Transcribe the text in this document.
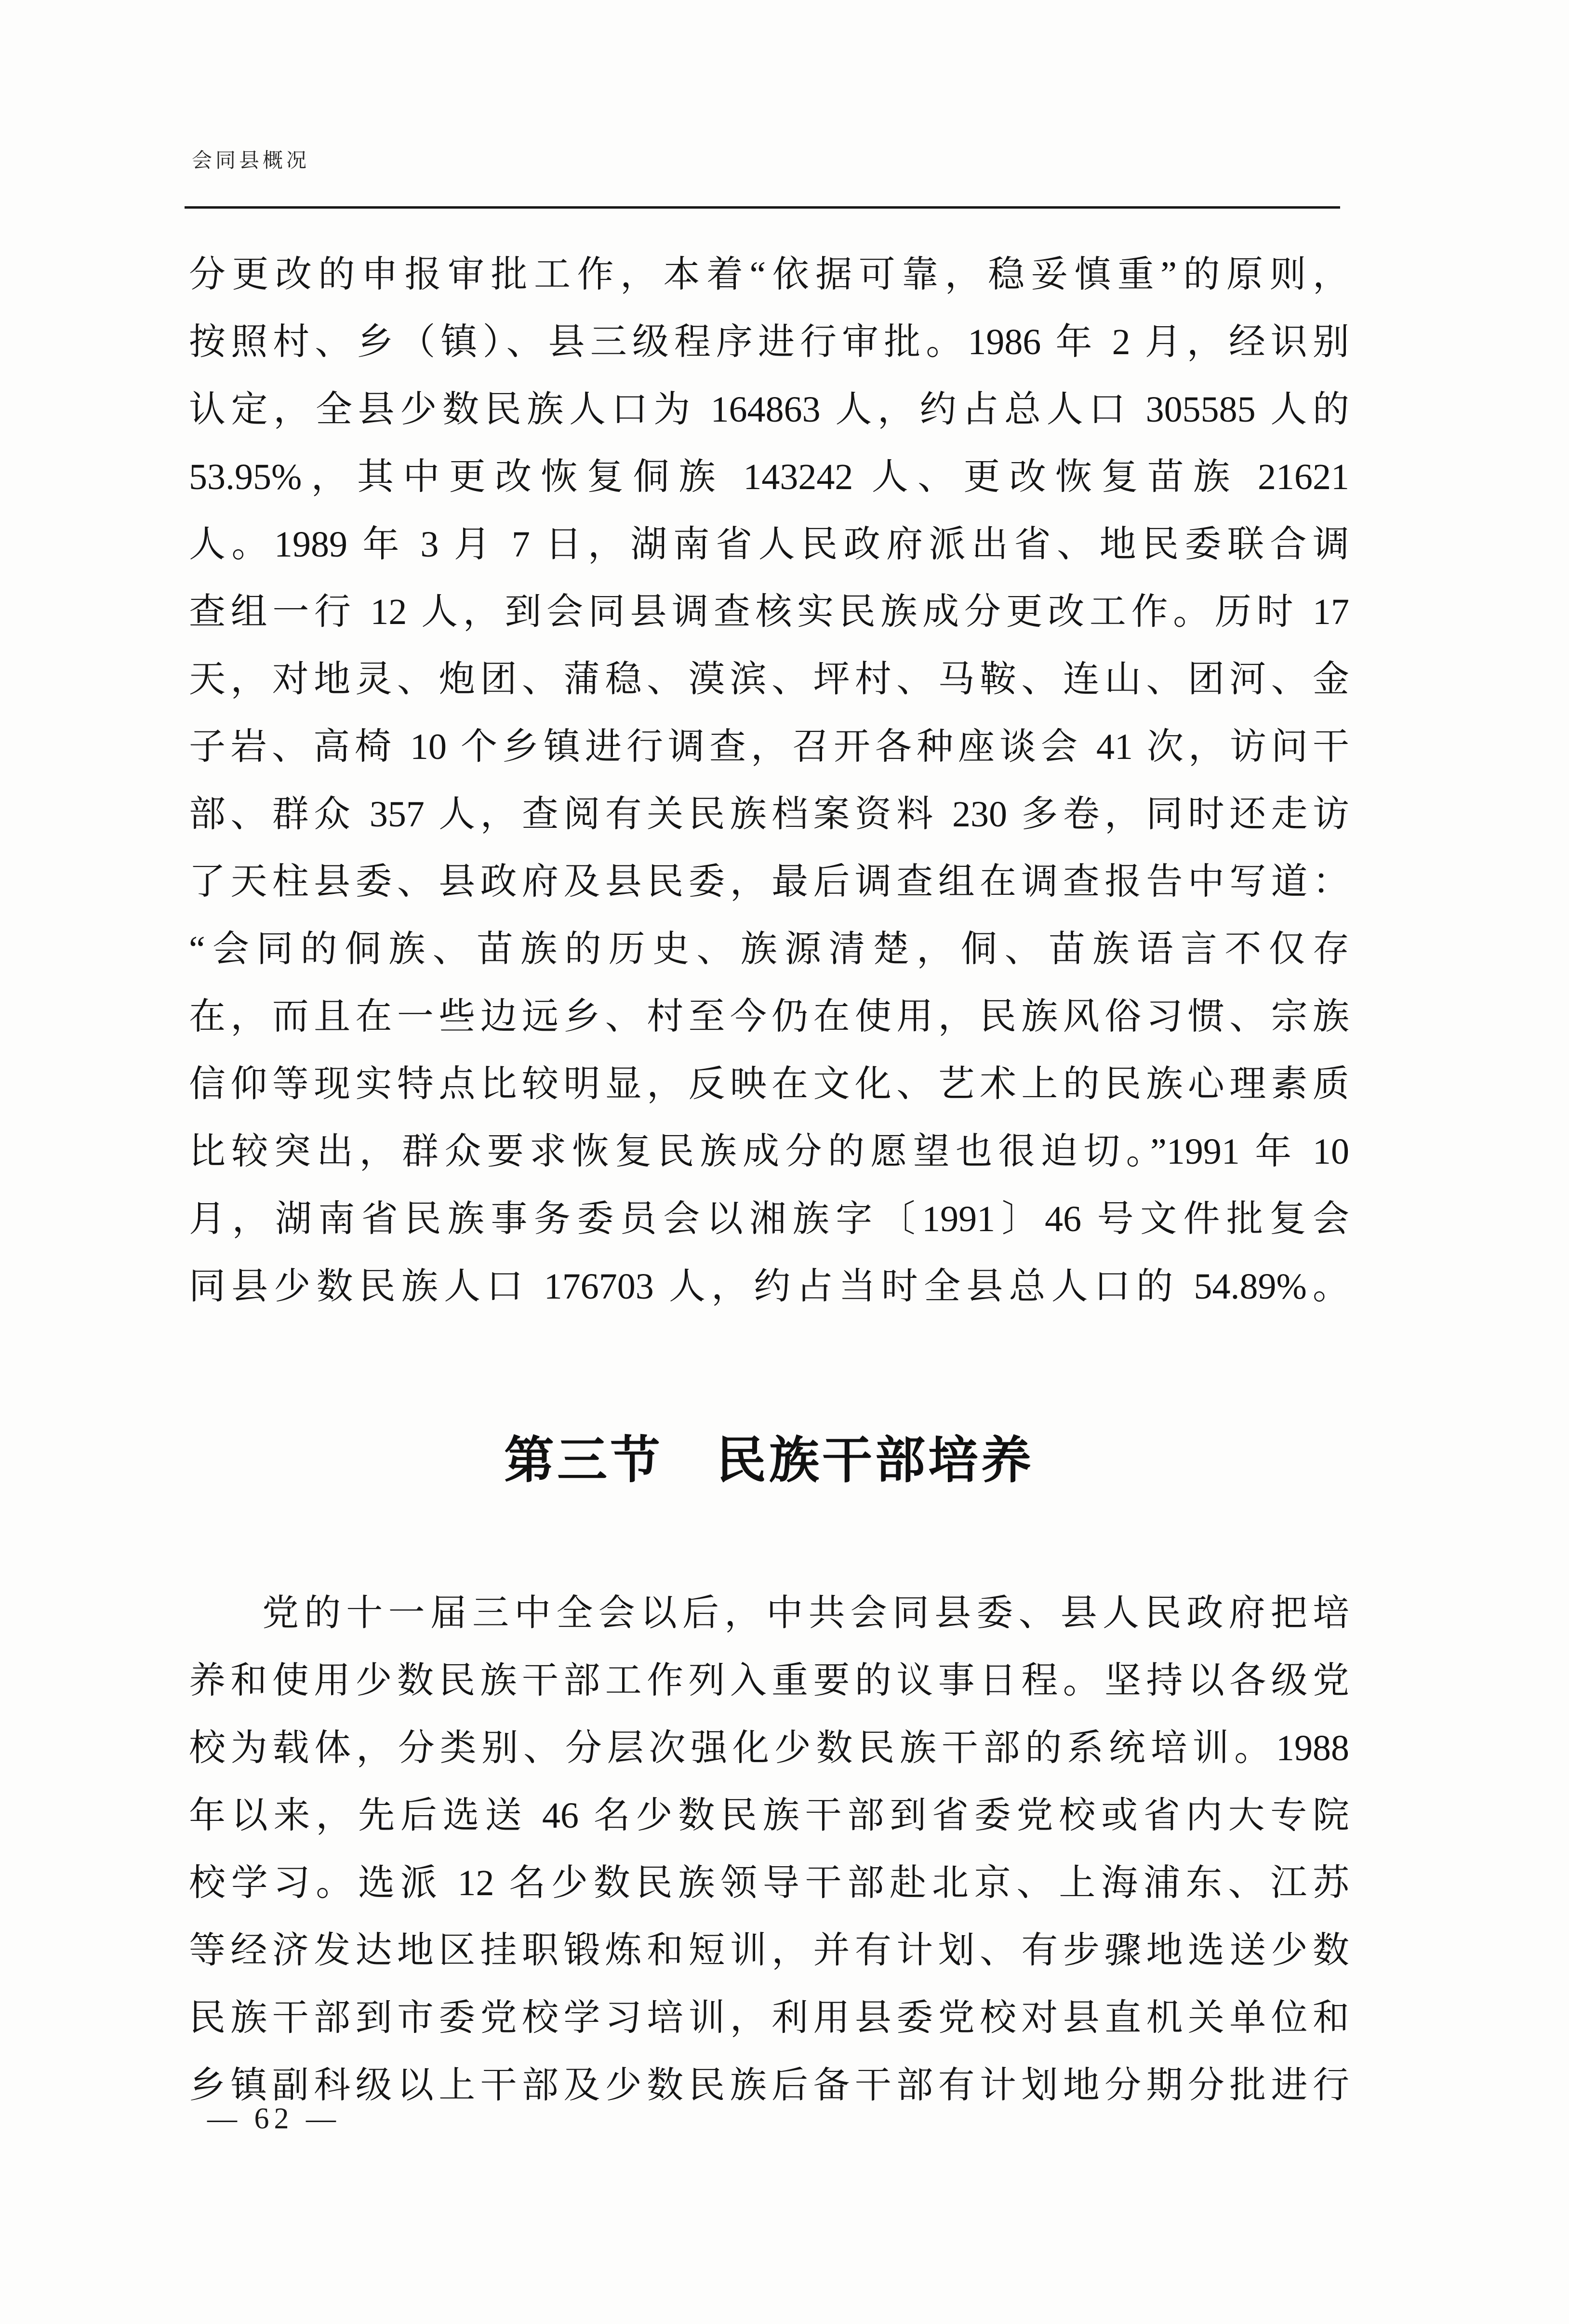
会同县概况
分更改的申报审批工作，本着“依据可靠，稳妥慎重”的原则，
按照村、乡（镇）、县三级程序进行审批。1986 年 2 月，经识别
认定，全县少数民族人口为 164863 人，约占总人口 305585 人的
53.95%，其中更改恢复侗族 143242 人、更改恢复苗族 21621
人。1989 年 3 月 7 日，湖南省人民政府派出省、地民委联合调
查组一行 12 人，到会同县调查核实民族成分更改工作。历时 17
天，对地灵、炮团、蒲稳、漠滨、坪村、马鞍、连山、团河、金
子岩、高椅 10 个乡镇进行调查，召开各种座谈会 41 次，访问干
部、群众 357 人，查阅有关民族档案资料 230 多卷，同时还走访
了天柱县委、县政府及县民委，最后调查组在调查报告中写道：
“会同的侗族、苗族的历史、族源清楚，侗、苗族语言不仅存
在，而且在一些边远乡、村至今仍在使用，民族风俗习惯、宗族
信仰等现实特点比较明显，反映在文化、艺术上的民族心理素质
比较突出，群众要求恢复民族成分的愿望也很迫切。”1991 年 10
月，湖南省民族事务委员会以湘族字〔1991〕46 号文件批复会
同县少数民族人口 176703 人，约占当时全县总人口的 54.89%。
第三节　民族干部培养
党的十一届三中全会以后，中共会同县委、县人民政府把培
养和使用少数民族干部工作列入重要的议事日程。坚持以各级党
校为载体，分类别、分层次强化少数民族干部的系统培训。1988
年以来，先后选送 46 名少数民族干部到省委党校或省内大专院
校学习。选派 12 名少数民族领导干部赴北京、上海浦东、江苏
等经济发达地区挂职锻炼和短训，并有计划、有步骤地选送少数
民族干部到市委党校学习培训，利用县委党校对县直机关单位和
乡镇副科级以上干部及少数民族后备干部有计划地分期分批进行
— 62 —
